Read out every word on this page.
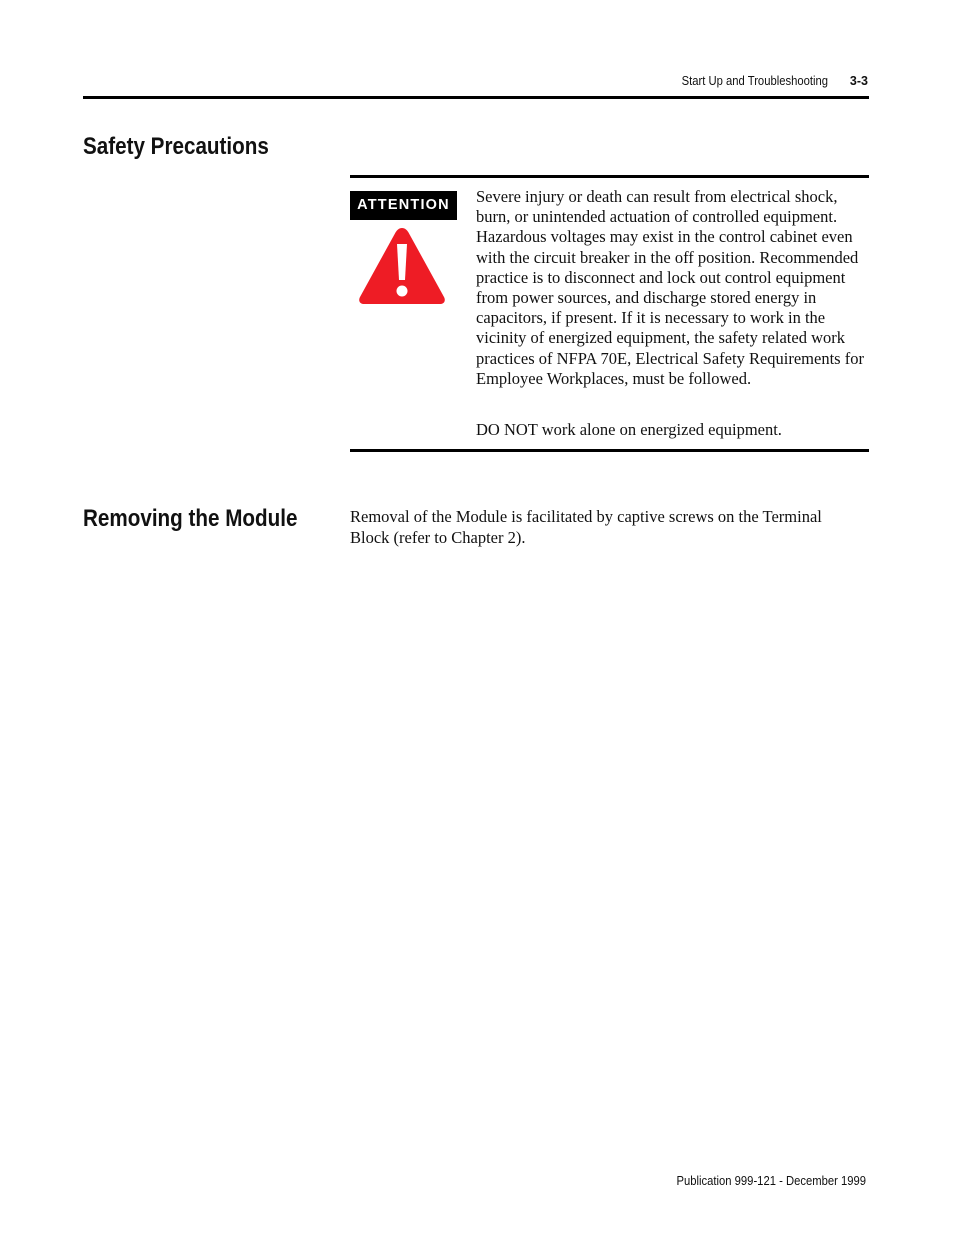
Start Up and Troubleshooting	3-3
Safety Precautions
ATTENTION	Severe injury or death can result from electrical shock, burn, or unintended actuation of controlled equipment. Hazardous voltages may exist in the control cabinet even with the circuit breaker in the off position. Recommended practice is to disconnect and lock out control equipment from power sources, and discharge stored energy in capacitors, if present. If it is necessary to work in the vicinity of energized equipment, the safety related work practices of NFPA 70E, Electrical Safety Requirements for Employee Workplaces, must be followed.

DO NOT work alone on energized equipment.

Removing the Module	Removal of the Module is facilitated by captive screws on the Terminal Block (refer to Chapter 2).

Publication 999-121 - December 1999
